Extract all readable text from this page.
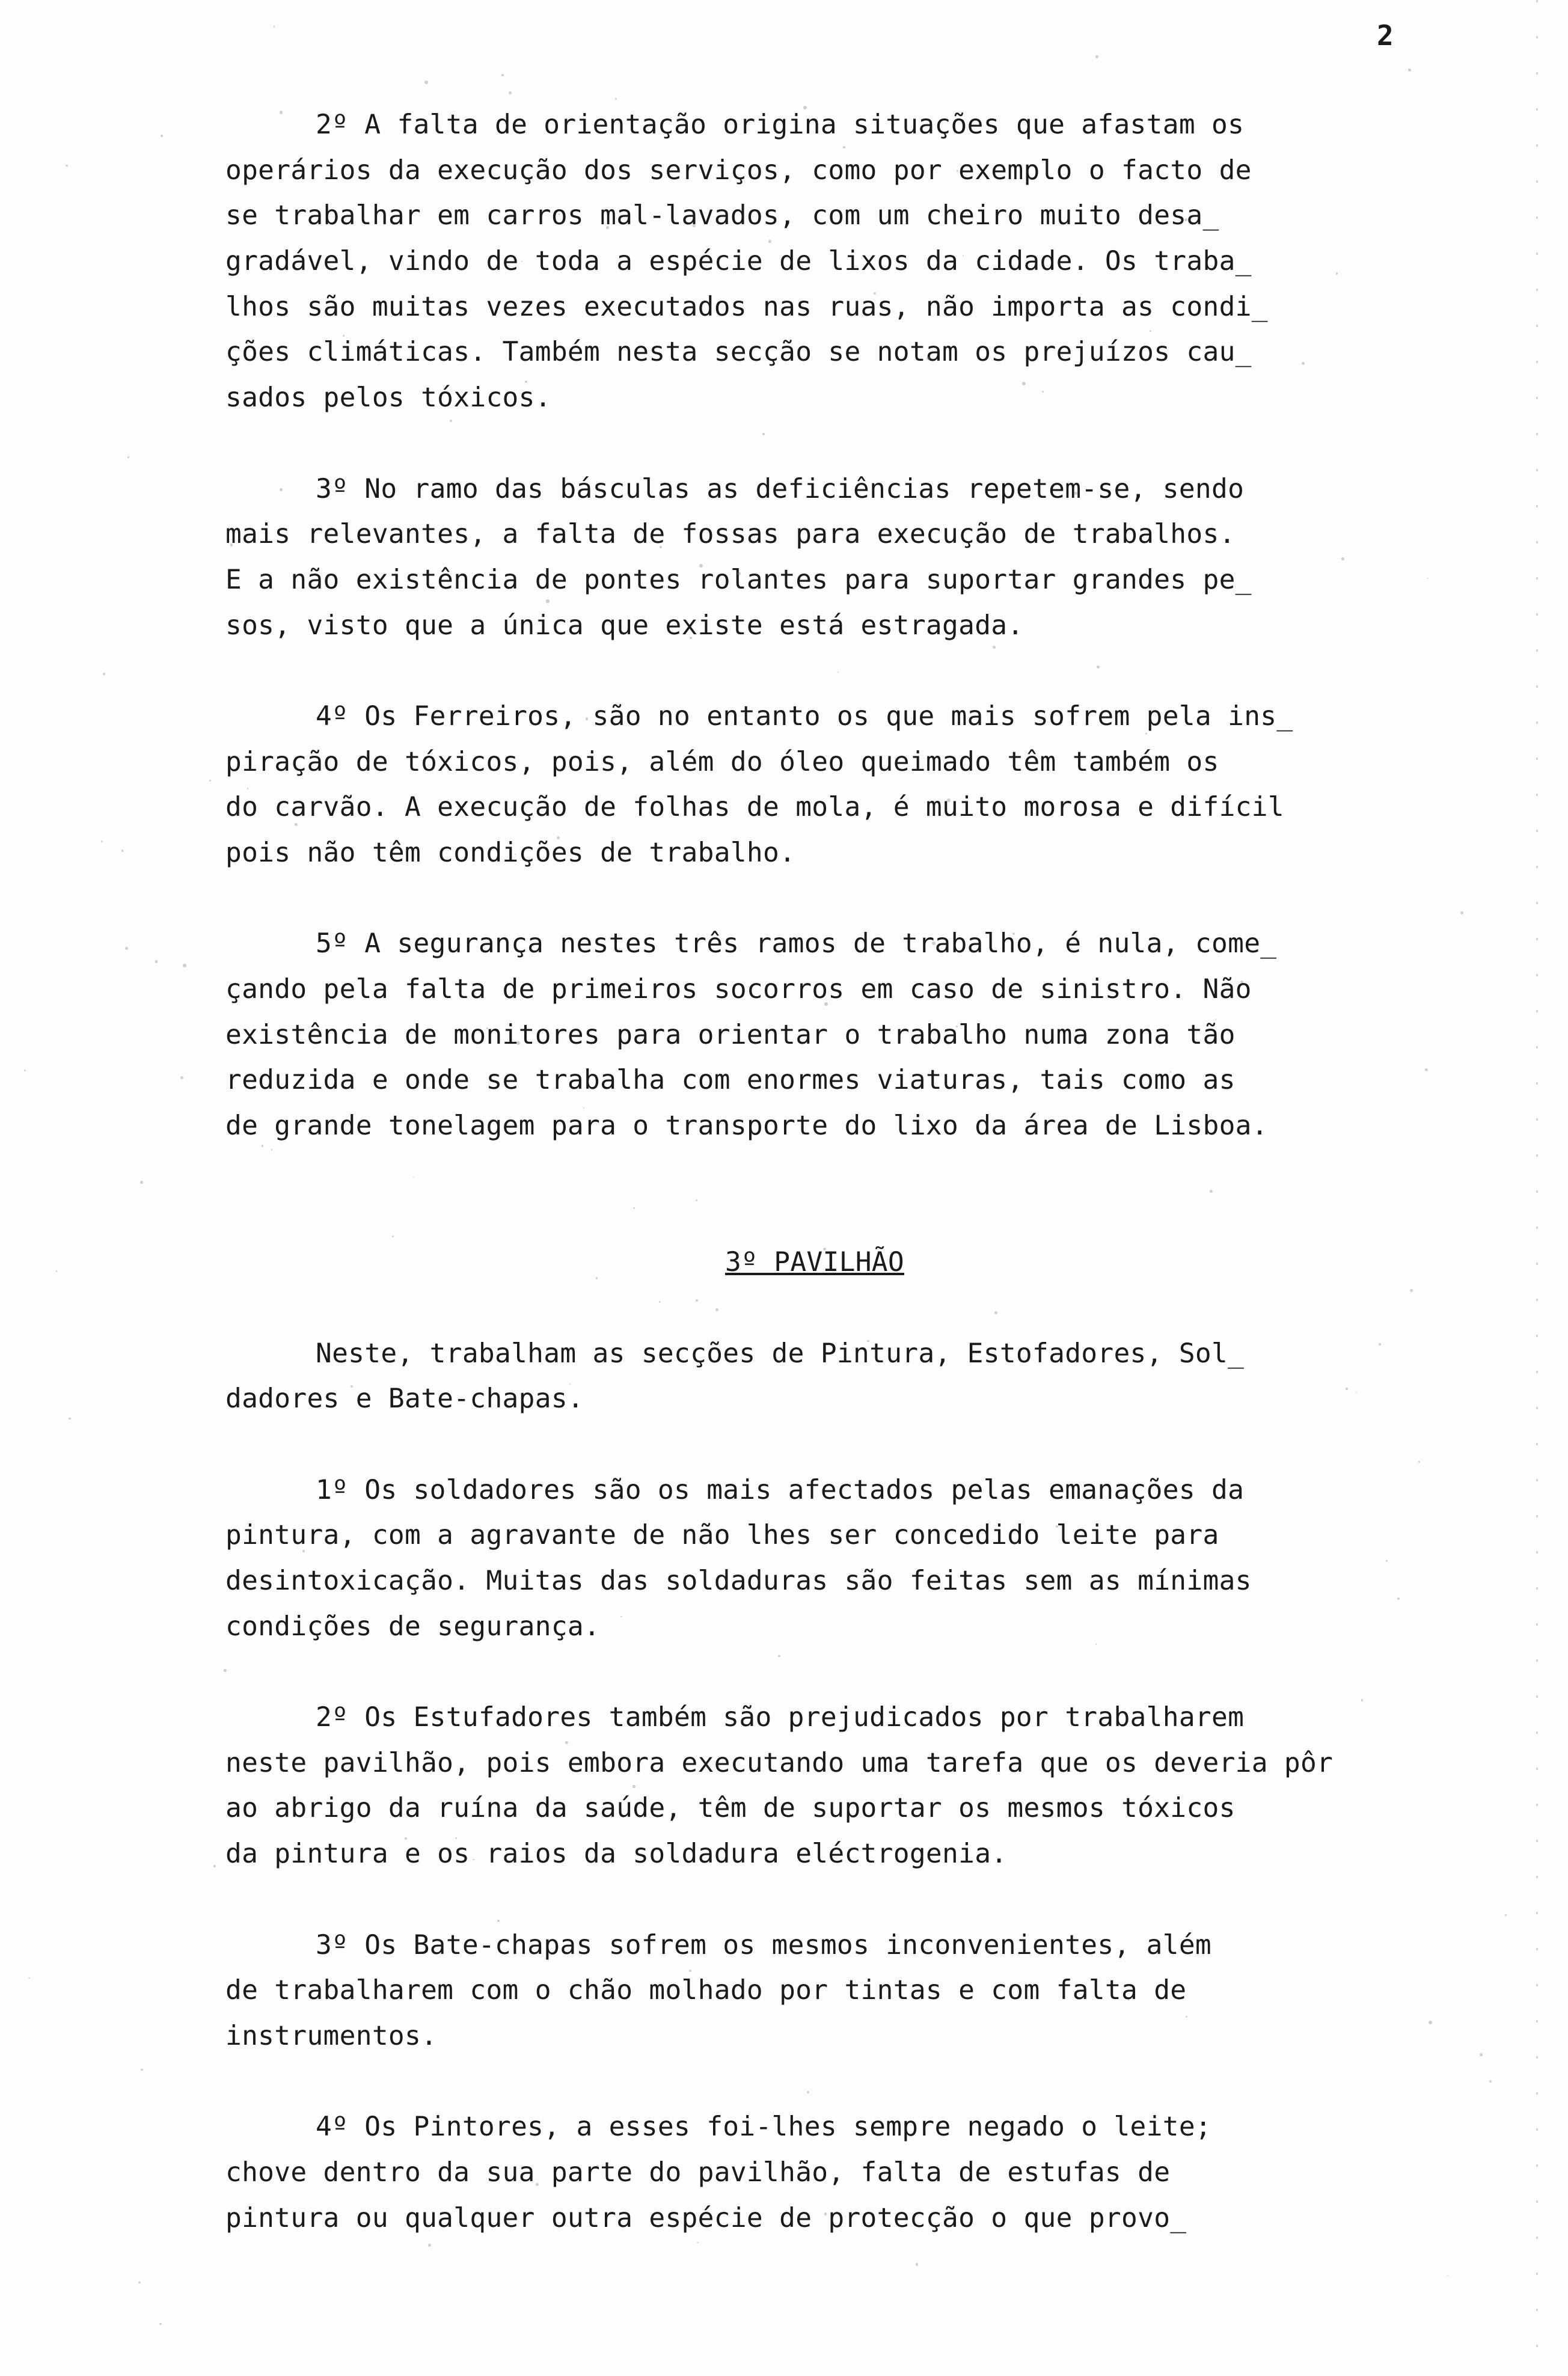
2
2º A falta de orientação origina situações que afastam os
operários da execução dos serviços, como por exemplo o facto de
se trabalhar em carros mal-lavados, com um cheiro muito desa_
gradável, vindo de toda a espécie de lixos da cidade. Os traba_
lhos são muitas vezes executados nas ruas, não importa as condi_
ções climáticas. Também nesta secção se notam os prejuízos cau_
sados pelos tóxicos.
3º No ramo das básculas as deficiências repetem-se, sendo
mais relevantes, a falta de fossas para execução de trabalhos.
E a não existência de pontes rolantes para suportar grandes pe_
sos, visto que a única que existe está estragada.
4º Os Ferreiros, são no entanto os que mais sofrem pela ins_
piração de tóxicos, pois, além do óleo queimado têm também os
do carvão. A execução de folhas de mola, é muito morosa e difícil
pois não têm condições de trabalho.
5º A segurança nestes três ramos de trabalho, é nula, come_
çando pela falta de primeiros socorros em caso de sinistro. Não
existência de monitores para orientar o trabalho numa zona tão
reduzida e onde se trabalha com enormes viaturas, tais como as
de grande tonelagem para o transporte do lixo da área de Lisboa.
3º PAVILHÃO
Neste, trabalham as secções de Pintura, Estofadores, Sol_
dadores e Bate-chapas.
1º Os soldadores são os mais afectados pelas emanações da
pintura, com a agravante de não lhes ser concedido leite para
desintoxicação. Muitas das soldaduras são feitas sem as mínimas
condições de segurança.
2º Os Estufadores também são prejudicados por trabalharem
neste pavilhão, pois embora executando uma tarefa que os deveria pôr
ao abrigo da ruína da saúde, têm de suportar os mesmos tóxicos
da pintura e os raios da soldadura eléctrogenia.
3º Os Bate-chapas sofrem os mesmos inconvenientes, além
de trabalharem com o chão molhado por tintas e com falta de
instrumentos.
4º Os Pintores, a esses foi-lhes sempre negado o leite;
chove dentro da sua parte do pavilhão, falta de estufas de
pintura ou qualquer outra espécie de protecção o que provo_
